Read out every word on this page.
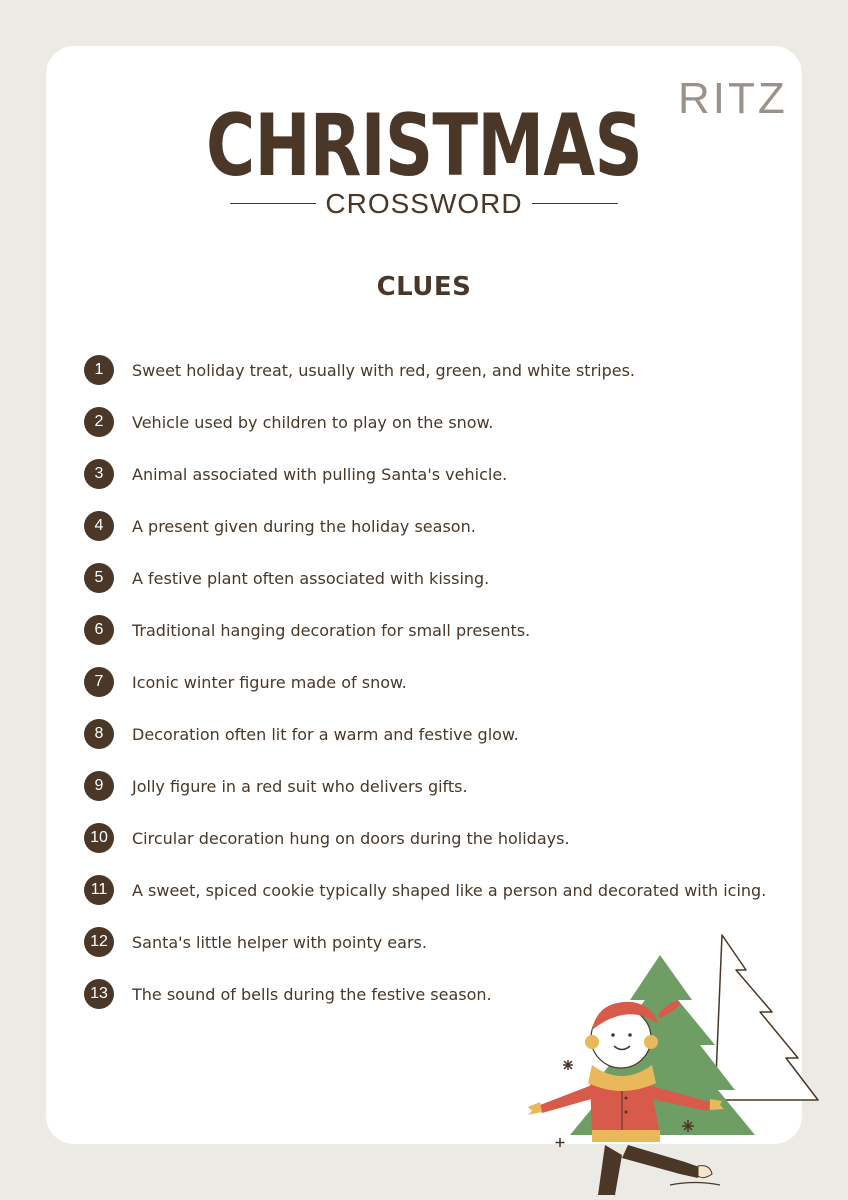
RITZ
CHRISTMAS
CROSSWORD
CLUES
1	Sweet holiday treat, usually with red, green, and white stripes.
2	Vehicle used by children to play on the snow.
3	Animal associated with pulling Santa's vehicle.
4	A present given during the holiday season.
5	A festive plant often associated with kissing.
6	Traditional hanging decoration for small presents.
7	Iconic winter figure made of snow.
8	Decoration often lit for a warm and festive glow.
9	Jolly figure in a red suit who delivers gifts.
10	Circular decoration hung on doors during the holidays.
11	A sweet, spiced cookie typically shaped like a person and decorated with icing.
12	Santa's little helper with pointy ears.
13	The sound of bells during the festive season.
